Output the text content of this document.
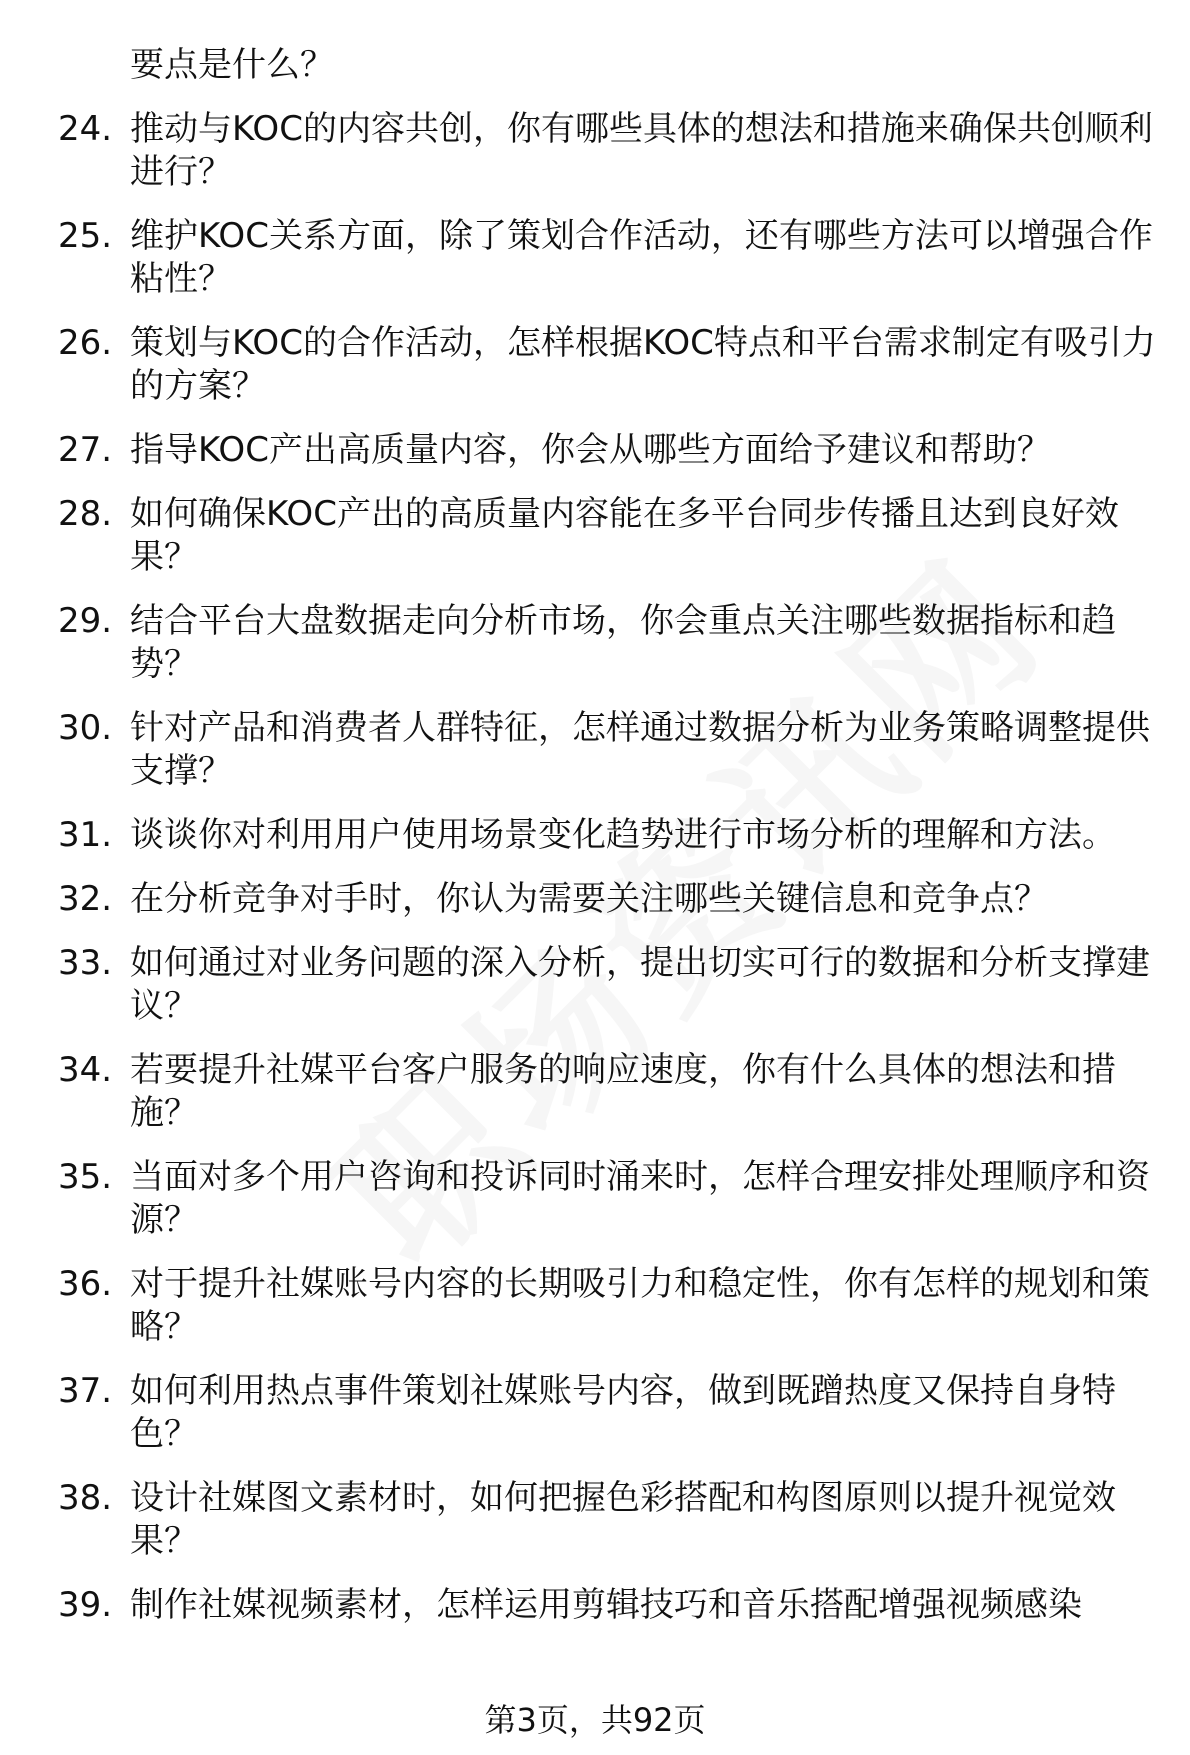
要点是什么？
24. 推动与KOC的内容共创，你有哪些具体的想法和措施来确保共创顺利进行？
25. 维护KOC关系方面，除了策划合作活动，还有哪些方法可以增强合作粘性？
26. 策划与KOC的合作活动，怎样根据KOC特点和平台需求制定有吸引力的方案？
27. 指导KOC产出高质量内容，你会从哪些方面给予建议和帮助？
28. 如何确保KOC产出的高质量内容能在多平台同步传播且达到良好效果？
29. 结合平台大盘数据走向分析市场，你会重点关注哪些数据指标和趋势？
30. 针对产品和消费者人群特征，怎样通过数据分析为业务策略调整提供支撑？
31. 谈谈你对利用用户使用场景变化趋势进行市场分析的理解和方法。
32. 在分析竞争对手时，你认为需要关注哪些关键信息和竞争点？
33. 如何通过对业务问题的深入分析，提出切实可行的数据和分析支撑建议？
34. 若要提升社媒平台客户服务的响应速度，你有什么具体的想法和措施？
35. 当面对多个用户咨询和投诉同时涌来时，怎样合理安排处理顺序和资源？
36. 对于提升社媒账号内容的长期吸引力和稳定性，你有怎样的规划和策略？
37. 如何利用热点事件策划社媒账号内容，做到既蹭热度又保持自身特色？
38. 设计社媒图文素材时，如何把握色彩搭配和构图原则以提升视觉效果？
39. 制作社媒视频素材，怎样运用剪辑技巧和音乐搭配增强视频感染
第3页，共92页
